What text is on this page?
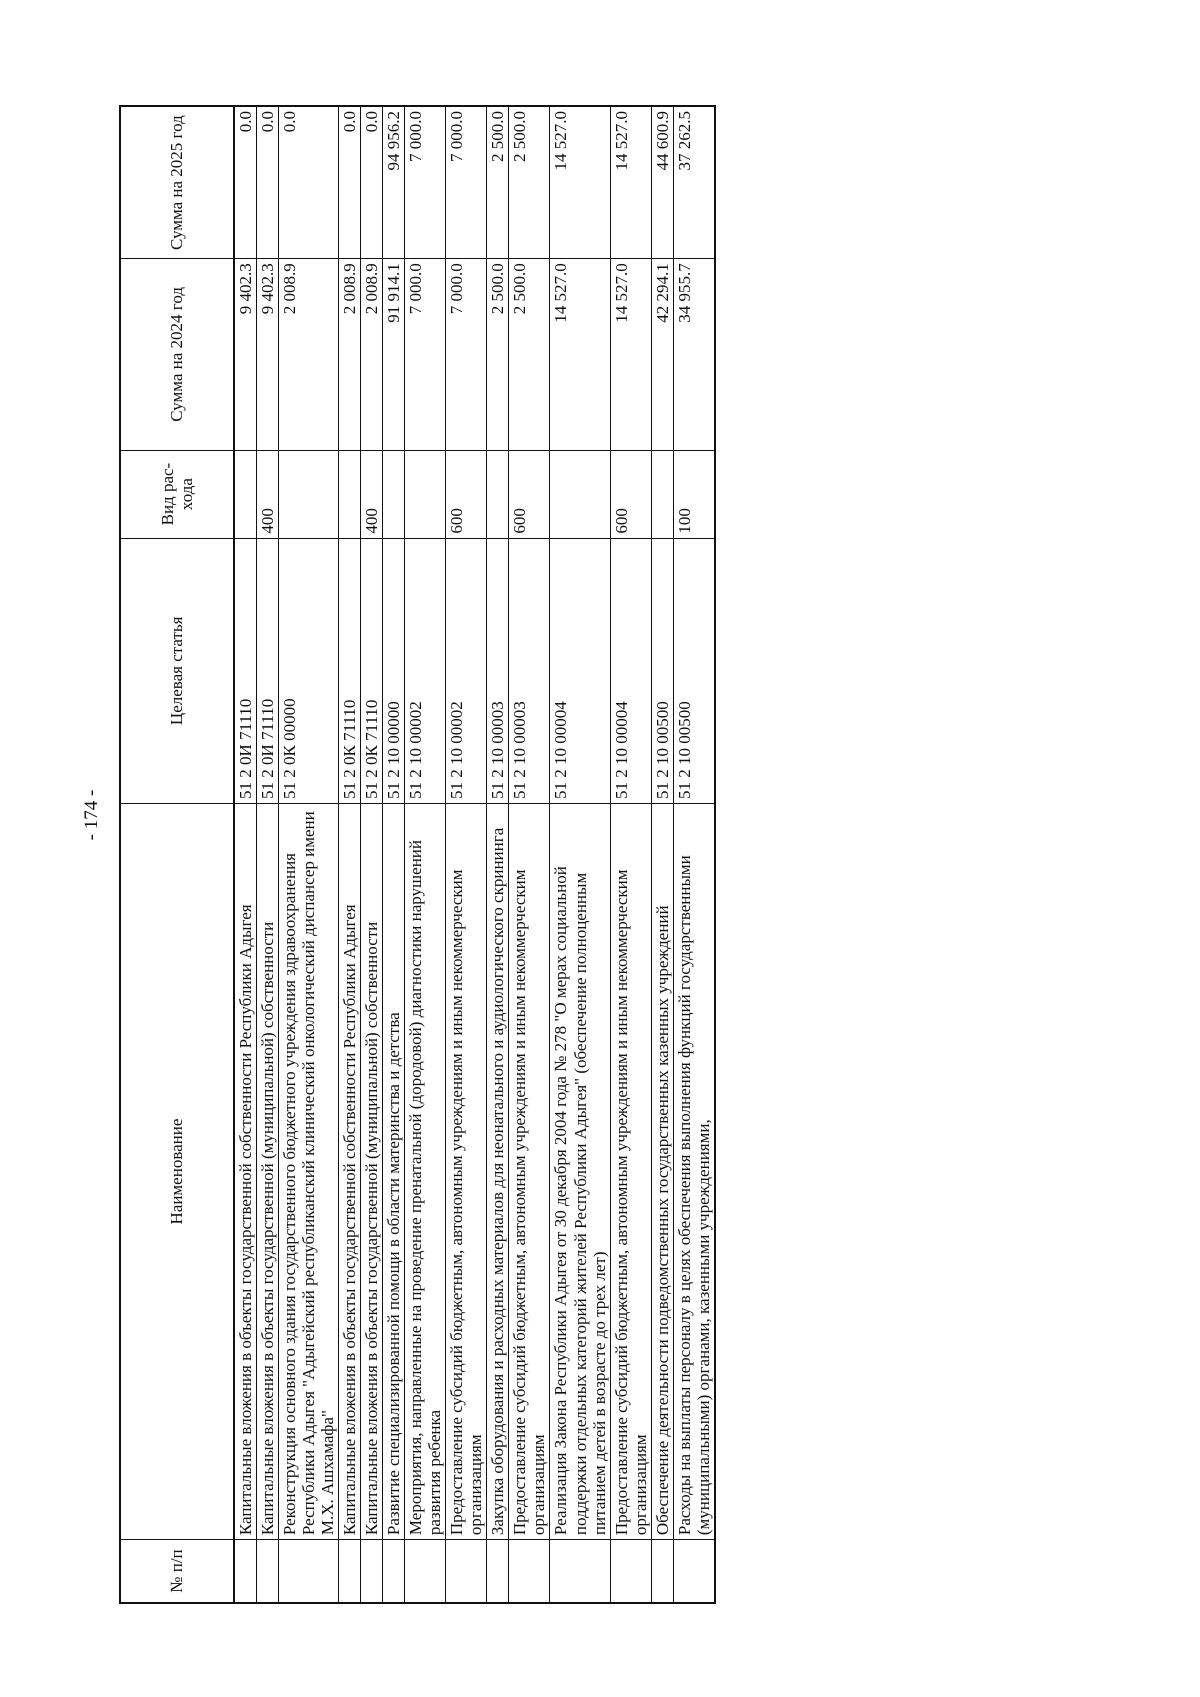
- 174 -
№ п/п	Наименование	Целевая статья	Вид рас-хода	Сумма на 2024 год	Сумма на 2025 год
	Капитальные вложения в объекты государственной собственности Республики Адыгея	51 2 0И 71110		9 402.3	0.0
	Капитальные вложения в объекты государственной (муниципальной) собственности	51 2 0И 71110	400	9 402.3	0.0
	Реконструкция основного здания государственного бюджетного учреждения здравоохранения Республики Адыгея "Адыгейский республиканский клинический онкологический диспансер имени М.Х. Ашхамафа"	51 2 0К 00000		2 008.9	0.0
	Капитальные вложения в объекты государственной собственности Республики Адыгея	51 2 0К 71110		2 008.9	0.0
	Капитальные вложения в объекты государственной (муниципальной) собственности	51 2 0К 71110	400	2 008.9	0.0
	Развитие специализированной помощи в области материнства и детства	51 2 10 00000		91 914.1	94 956.2
	Мероприятия, направленные на проведение пренатальной (дородовой) диагностики нарушений развития ребенка	51 2 10 00002		7 000.0	7 000.0
	Предоставление субсидий бюджетным, автономным учреждениям и иным некоммерческим организациям	51 2 10 00002	600	7 000.0	7 000.0
	Закупка оборудования и расходных материалов для неонатального и аудиологического скрининга	51 2 10 00003		2 500.0	2 500.0
	Предоставление субсидий бюджетным, автономным учреждениям и иным некоммерческим организациям	51 2 10 00003	600	2 500.0	2 500.0
	Реализация Закона Республики Адыгея от 30 декабря 2004 года № 278 "О мерах социальной поддержки отдельных категорий жителей Республики Адыгея" (обеспечение полноценным питанием детей в возрасте до трех лет)	51 2 10 00004		14 527.0	14 527.0
	Предоставление субсидий бюджетным, автономным учреждениям и иным некоммерческим организациям	51 2 10 00004	600	14 527.0	14 527.0
	Обеспечение деятельности подведомственных государственных казенных учреждений	51 2 10 00500		42 294.1	44 600.9
	Расходы на выплаты персоналу в целях обеспечения выполнения функций государственными (муниципальными) органами, казенными учреждениями,	51 2 10 00500	100	34 955.7	37 262.5
